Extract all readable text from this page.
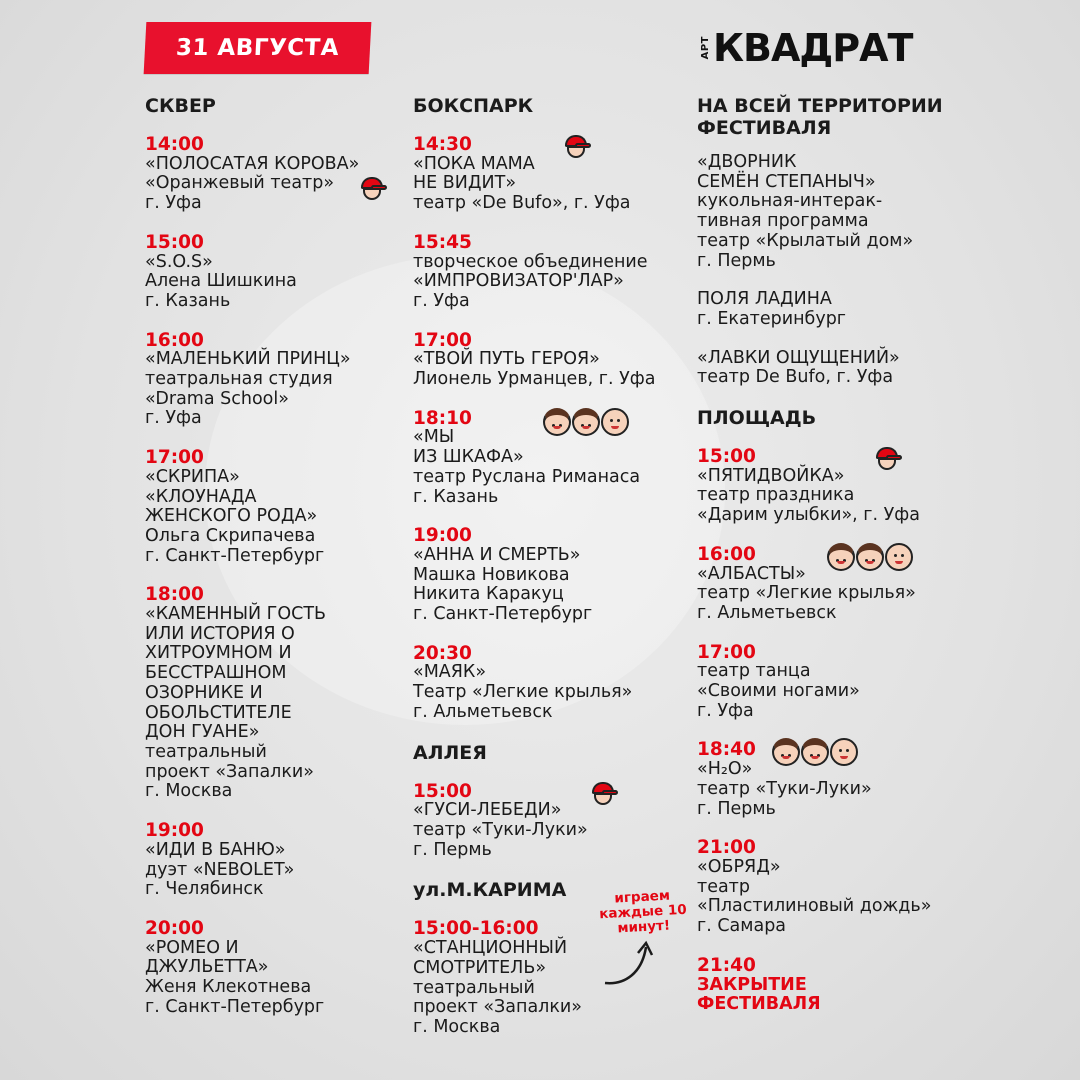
31 АВГУСТА	АРТ КВАДРАТ
СКВЕР
14:00
«ПОЛОСАТАЯ КОРОВА»
«Оранжевый театр»
г. Уфа
15:00
«S.O.S»
Алена Шишкина
г. Казань
16:00
«МАЛЕНЬКИЙ ПРИНЦ»
театральная студия
«Drama School»
г. Уфа
17:00
«СКРИПА»
«КЛОУНАДА
ЖЕНСКОГО РОДА»
Ольга Скрипачева
г. Санкт-Петербург
18:00
«КАМЕННЫЙ ГОСТЬ
ИЛИ ИСТОРИЯ О
ХИТРОУМНОМ И
БЕССТРАШНОМ
ОЗОРНИКЕ И
ОБОЛЬСТИТЕЛЕ
ДОН ГУАНЕ»
театральный
проект «Запалки»
г. Москва
19:00
«ИДИ В БАНЮ»
дуэт «NEBOLET»
г. Челябинск
20:00
«РОМЕО И
ДЖУЛЬЕТТА»
Женя Клекотнева
г. Санкт-Петербург
БОКСПАРК
14:30
«ПОКА МАМА
НЕ ВИДИТ»
театр «De Bufo», г. Уфа
15:45
творческое объединение
«ИМПРОВИЗАТОР'ЛАР»
г. Уфа
17:00
«ТВОЙ ПУТЬ ГЕРОЯ»
Лионель Урманцев, г. Уфа
18:10
«МЫ
ИЗ ШКАФА»
театр Руслана Риманаса
г. Казань
19:00
«АННА И СМЕРТЬ»
Машка Новикова
Никита Каракуц
г. Санкт-Петербург
20:30
«МАЯК»
Театр «Легкие крылья»
г. Альметьевск
АЛЛЕЯ
15:00
«ГУСИ-ЛЕБЕДИ»
театр «Туки-Луки»
г. Пермь
ул.М.КАРИМА
15:00-16:00
«СТАНЦИОННЫЙ
СМОТРИТЕЛЬ»
театральный
проект «Запалки»
г. Москва
НА ВСЕЙ ТЕРРИТОРИИ ФЕСТИВАЛЯ
«ДВОРНИК
СЕМЁН СТЕПАНЫЧ»
кукольная-интерак-
тивная программа
театр «Крылатый дом»
г. Пермь
ПОЛЯ ЛАДИНА
г. Екатеринбург
«ЛАВКИ ОЩУЩЕНИЙ»
театр De Bufo, г. Уфа
ПЛОЩАДЬ
15:00
«ПЯТИДВОЙКА»
театр праздника
«Дарим улыбки», г. Уфа
16:00
«АЛБАСТЫ»
театр «Легкие крылья»
г. Альметьевск
17:00
театр танца
«Своими ногами»
г. Уфа
18:40
«H₂O»
театр «Туки-Луки»
г. Пермь
21:00
«ОБРЯД»
театр
«Пластилиновый дождь»
г. Самара
21:40
ЗАКРЫТИЕ
ФЕСТИВАЛЯ
играем каждые 10 минут!
